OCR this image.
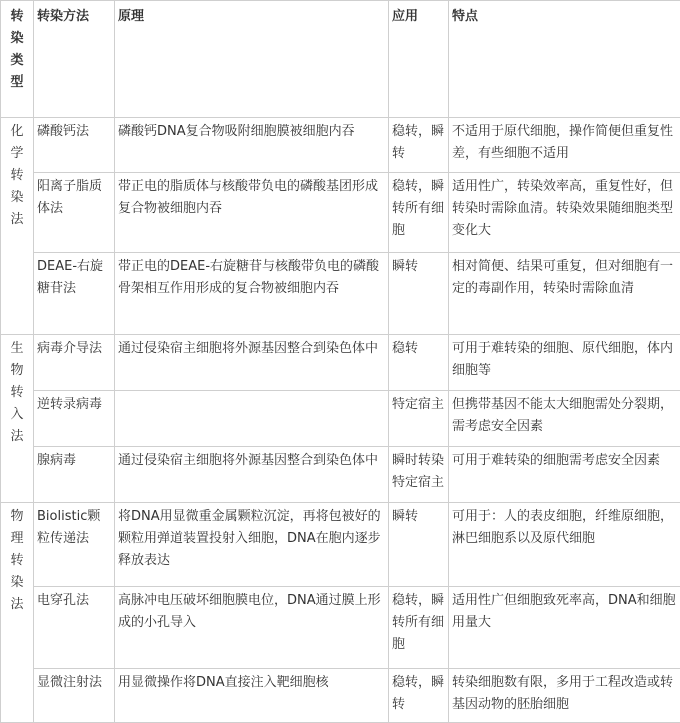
转染类型	转染方法	原理	应用	特点

化学转染法	磷酸钙法	磷酸钙DNA复合物吸附细胞膜被细胞内吞	稳转，瞬转	不适用于原代细胞，操作简便但重复性差，有些细胞不适用
	阳离子脂质体法	带正电的脂质体与核酸带负电的磷酸基团形成复合物被细胞内吞	稳转，瞬转所有细胞	适用性广，转染效率高，重复性好，但转染时需除血清。转染效果随细胞类型变化大
	DEAE-右旋糖苷法	带正电的DEAE-右旋糖苷与核酸带负电的磷酸骨架相互作用形成的复合物被细胞内吞	瞬转	相对简便、结果可重复，但对细胞有一定的毒副作用，转染时需除血清

生物转入法	病毒介导法	通过侵染宿主细胞将外源基因整合到染色体中	稳转	可用于难转染的细胞、原代细胞，体内细胞等
	逆转录病毒		特定宿主	但携带基因不能太大细胞需处分裂期，需考虑安全因素
	腺病毒	通过侵染宿主细胞将外源基因整合到染色体中	瞬时转染特定宿主	可用于难转染的细胞需考虑安全因素

物理转染法	Biolistic颗粒传递法	将DNA用显微重金属颗粒沉淀，再将包被好的颗粒用弹道装置投射入细胞，DNA在胞内逐步释放表达	瞬转	可用于：人的表皮细胞，纤维原细胞，淋巴细胞系以及原代细胞
	电穿孔法	高脉冲电压破坏细胞膜电位，DNA通过膜上形成的小孔导入	稳转，瞬转所有细胞	适用性广但细胞致死率高，DNA和细胞用量大
	显微注射法	用显微操作将DNA直接注入靶细胞核	稳转，瞬转	转染细胞数有限，多用于工程改造或转基因动物的胚胎细胞
